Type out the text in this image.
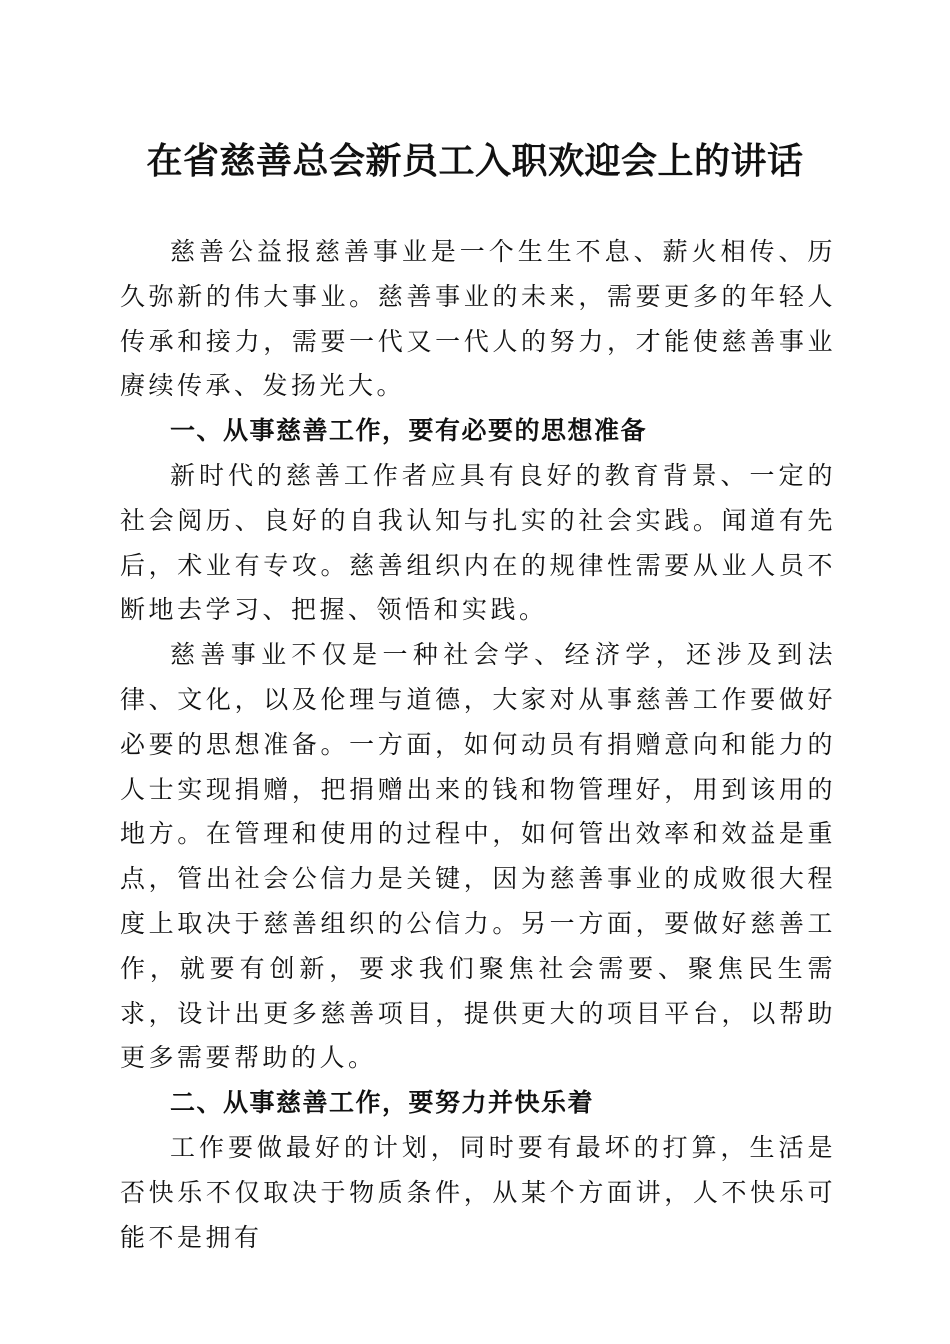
在省慈善总会新员工入职欢迎会上的讲话

慈善公益报慈善事业是一个生生不息、薪火相传、历久弥新的伟大事业。慈善事业的未来，需要更多的年轻人传承和接力，需要一代又一代人的努力，才能使慈善事业赓续传承、发扬光大。

一、从事慈善工作，要有必要的思想准备

新时代的慈善工作者应具有良好的教育背景、一定的社会阅历、良好的自我认知与扎实的社会实践。闻道有先后，术业有专攻。慈善组织内在的规律性需要从业人员不断地去学习、把握、领悟和实践。

慈善事业不仅是一种社会学、经济学，还涉及到法律、文化，以及伦理与道德，大家对从事慈善工作要做好必要的思想准备。一方面，如何动员有捐赠意向和能力的人士实现捐赠，把捐赠出来的钱和物管理好，用到该用的地方。在管理和使用的过程中，如何管出效率和效益是重点，管出社会公信力是关键，因为慈善事业的成败很大程度上取决于慈善组织的公信力。另一方面，要做好慈善工作，就要有创新，要求我们聚焦社会需要、聚焦民生需求，设计出更多慈善项目，提供更大的项目平台，以帮助更多需要帮助的人。

二、从事慈善工作，要努力并快乐着

工作要做最好的计划，同时要有最坏的打算，生活是否快乐不仅取决于物质条件，从某个方面讲，人不快乐可能不是拥有
